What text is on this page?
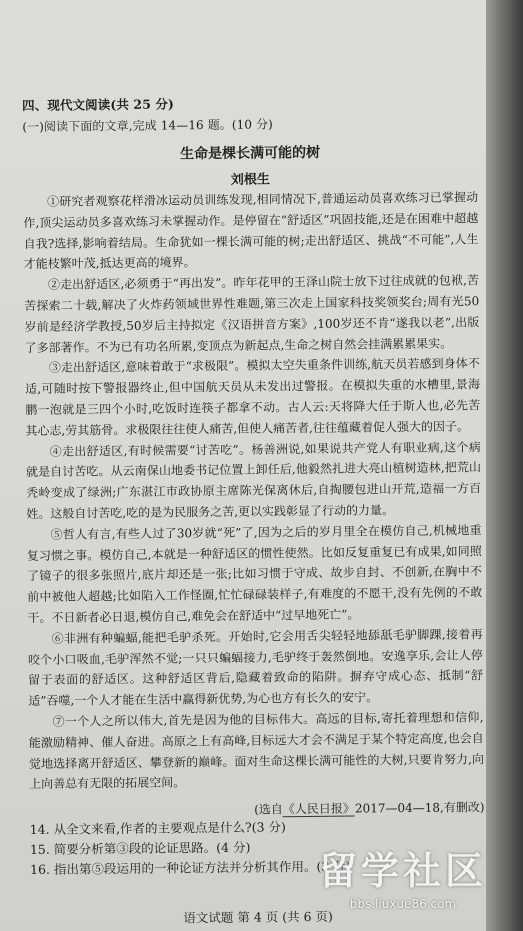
四、现代文阅读(共 25 分)
(一)阅读下面的文章,完成 14—16 题。(10 分)
生命是棵长满可能的树
刘根生

①研究者观察花样滑冰运动员训练发现,相同情况下,普通运动员喜欢练习已掌握动作,顶尖运动员多喜欢练习未掌握动作。是停留在“舒适区”巩固技能,还是在困难中超越自我?选择,影响着结局。生命犹如一棵长满可能的树;走出舒适区、挑战“不可能”,人生才能枝繁叶茂,抵达更高的境界。

②走出舒适区,必须勇于“再出发”。昨年花甲的王泽山院士放下过往成就的包袱,苦苦探索二十载,解决了火炸药领域世界性难题,第三次走上国家科技奖领奖台;周有光50岁前是经济学教授,50岁后主持拟定《汉语拼音方案》,100岁还不肯“遂我以老”,出版了多部著作。不为已有功名所累,变顶点为新起点,生命之树自然会挂满累累果实。

③走出舒适区,意味着敢于“求极限”。模拟太空失重条件训练,航天员若感到身体不适,可随时按下警报器终止,但中国航天员从未发出过警报。在模拟失重的水槽里,景海鹏一泡就是三四个小时,吃饭时连筷子都拿不动。古人云:天将降大任于斯人也,必先苦其心志,劳其筋骨。求极限往往使人痛苦,但使人痛苦者,往往蕴藏着促人强大的因子。

④走出舒适区,有时候需要“讨苦吃”。杨善洲说,如果说共产党人有职业病,这个病就是自讨苦吃。从云南保山地委书记位置上卸任后,他毅然扎进大亮山植树造林,把荒山秃岭变成了绿洲;广东湛江市政协原主席陈光保离休后,自掏腰包进山开荒,造福一方百姓。这般自讨苦吃,吃的是为民服务之苦,更以实践彰显了行动的力量。

⑤哲人有言,有些人过了30岁就“死”了,因为之后的岁月里全在模仿自己,机械地重复习惯之事。模仿自己,本就是一种舒适区的惯性使然。比如反复重复已有成果,如同照了镜子的很多张照片,底片却还是一张;比如习惯于守成、故步自封、不创新,在胸中不前中被他人超越;比如陷入工作怪圈,忙忙碌碌装样子,有难度的不愿干,没有先例的不敢干。不日新者必日退,模仿自己,难免会在舒适中“过早地死亡”。

⑥非洲有种蝙蝠,能把毛驴杀死。开始时,它会用舌尖轻轻地舔舐毛驴脚踝,接着再咬个小口吸血,毛驴浑然不觉;一只只蝙蝠接力,毛驴终于轰然倒地。安逸享乐,会让人停留于表面的舒适区。这种舒适区背后,隐藏着致命的陷阱。摒弃守成心态、抵制“舒适”吞噬,一个人才能在生活中赢得新优势,为心也方有长久的安宁。

⑦一个人之所以伟大,首先是因为他的目标伟大。高远的目标,寄托着理想和信仰,能激励精神、催人奋进。高原之上有高峰,目标远大才会不满足于某个特定高度,也会自觉地选择离开舒适区、攀登新的巅峰。面对生命这棵长满可能性的大树,只要肯努力,向上向善总有无限的拓展空间。

(选自《人民日报》2017—04—18,有删改)

14. 从全文来看,作者的主要观点是什么?(3 分)

15. 简要分析第③段的论证思路。(4 分)

16. 指出第⑤段运用的一种论证方法并分析其作用。(3 分)

语文试题 第 4 页 (共 6 页)
留学社区
bbs.liuxue86.com
